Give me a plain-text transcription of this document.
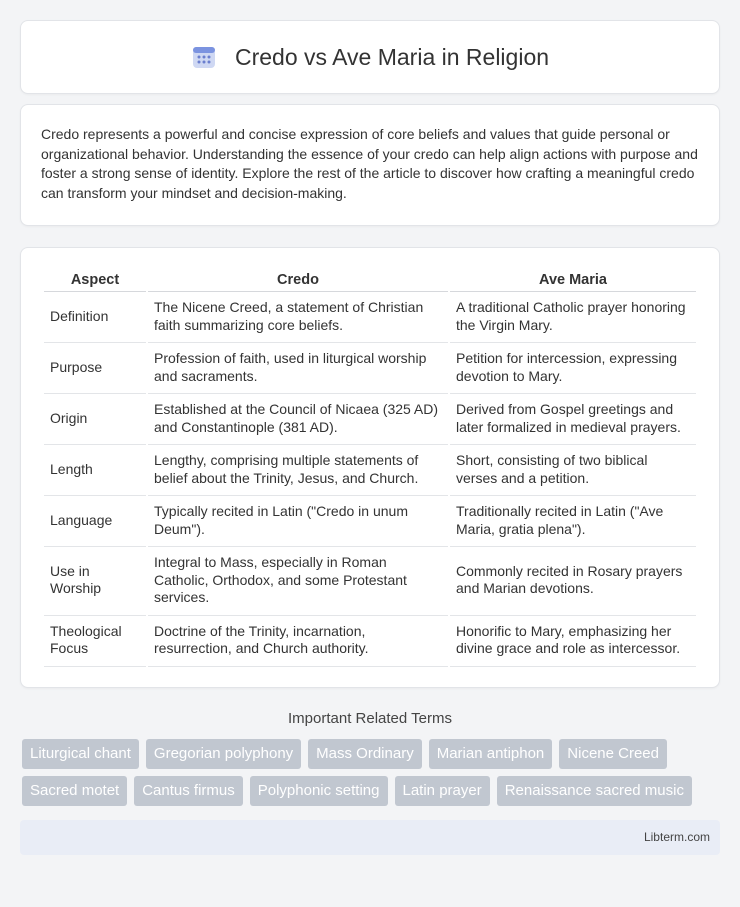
Credo vs Ave Maria in Religion

Credo represents a powerful and concise expression of core beliefs and values that guide personal or organizational behavior. Understanding the essence of your credo can help align actions with purpose and foster a strong sense of identity. Explore the rest of the article to discover how crafting a meaningful credo can transform your mindset and decision-making.

Aspect	Credo	Ave Maria
Definition	The Nicene Creed, a statement of Christian faith summarizing core beliefs.	A traditional Catholic prayer honoring the Virgin Mary.
Purpose	Profession of faith, used in liturgical worship and sacraments.	Petition for intercession, expressing devotion to Mary.
Origin	Established at the Council of Nicaea (325 AD) and Constantinople (381 AD).	Derived from Gospel greetings and later formalized in medieval prayers.
Length	Lengthy, comprising multiple statements of belief about the Trinity, Jesus, and Church.	Short, consisting of two biblical verses and a petition.
Language	Typically recited in Latin ("Credo in unum Deum").	Traditionally recited in Latin ("Ave Maria, gratia plena").
Use in Worship	Integral to Mass, especially in Roman Catholic, Orthodox, and some Protestant services.	Commonly recited in Rosary prayers and Marian devotions.
Theological Focus	Doctrine of the Trinity, incarnation, resurrection, and Church authority.	Honorific to Mary, emphasizing her divine grace and role as intercessor.
Important Related Terms
Liturgical chant	Gregorian polyphony	Mass Ordinary	Marian antiphon	Nicene Creed
Sacred motet	Cantus firmus	Polyphonic setting	Latin prayer	Renaissance sacred music
Libterm.com
